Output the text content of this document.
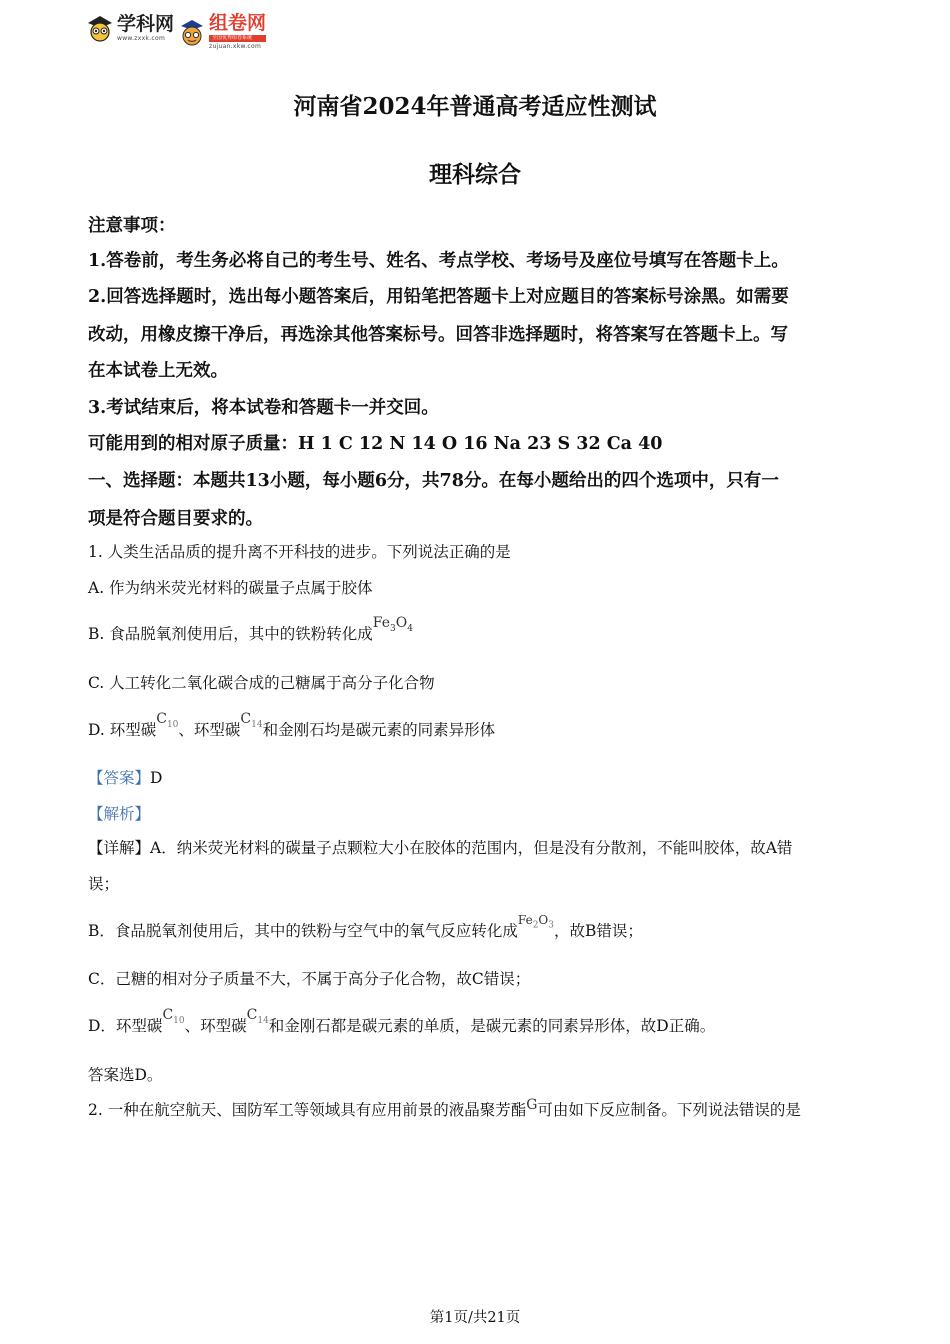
学科网
www.zxxk.com
组卷网
全国优秀组卷系统
zujuan.xkw.com
河南省2024年普通高考适应性测试
理科综合
注意事项：
1.答卷前，考生务必将自己的考生号、姓名、考点学校、考场号及座位号填写在答题卡上。
2.回答选择题时，选出每小题答案后，用铅笔把答题卡上对应题目的答案标号涂黑。如需要
改动，用橡皮擦干净后，再选涂其他答案标号。回答非选择题时，将答案写在答题卡上。写
在本试卷上无效。
3.考试结束后，将本试卷和答题卡一并交回。
可能用到的相对原子质量：H 1 C 12 N 14 O 16 Na 23 S 32 Ca 40
一、选择题：本题共13小题，每小题6分，共78分。在每小题给出的四个选项中，只有一
项是符合题目要求的。
1. 人类生活品质的提升离不开科技的进步。下列说法正确的是
A. 作为纳米荧光材料的碳量子点属于胶体
B. 食品脱氧剂使用后，其中的铁粉转化成$Fe_3O_4$
C. 人工转化二氧化碳合成的己糖属于高分子化合物
D. 环型碳$C_{10}$、环型碳$C_{14}$和金刚石均是碳元素的同素异形体
【答案】D
【解析】
【详解】A．纳米荧光材料的碳量子点颗粒大小在胶体的范围内，但是没有分散剂，不能叫胶体，故A错
误；
B．食品脱氧剂使用后，其中的铁粉与空气中的氧气反应转化成$^{Fe_2O_3}$，故B错误；
C．己糖的相对分子质量不大，不属于高分子化合物，故C错误；
D．环型碳$C_{10}$、环型碳$C_{14}$和金刚石都是碳元素的单质，是碳元素的同素异形体，故D正确。
答案选D。
2. 一种在航空航天、国防军工等领域具有应用前景的液晶聚芳酯G可由如下反应制备。下列说法错误的是
第1页/共21页
